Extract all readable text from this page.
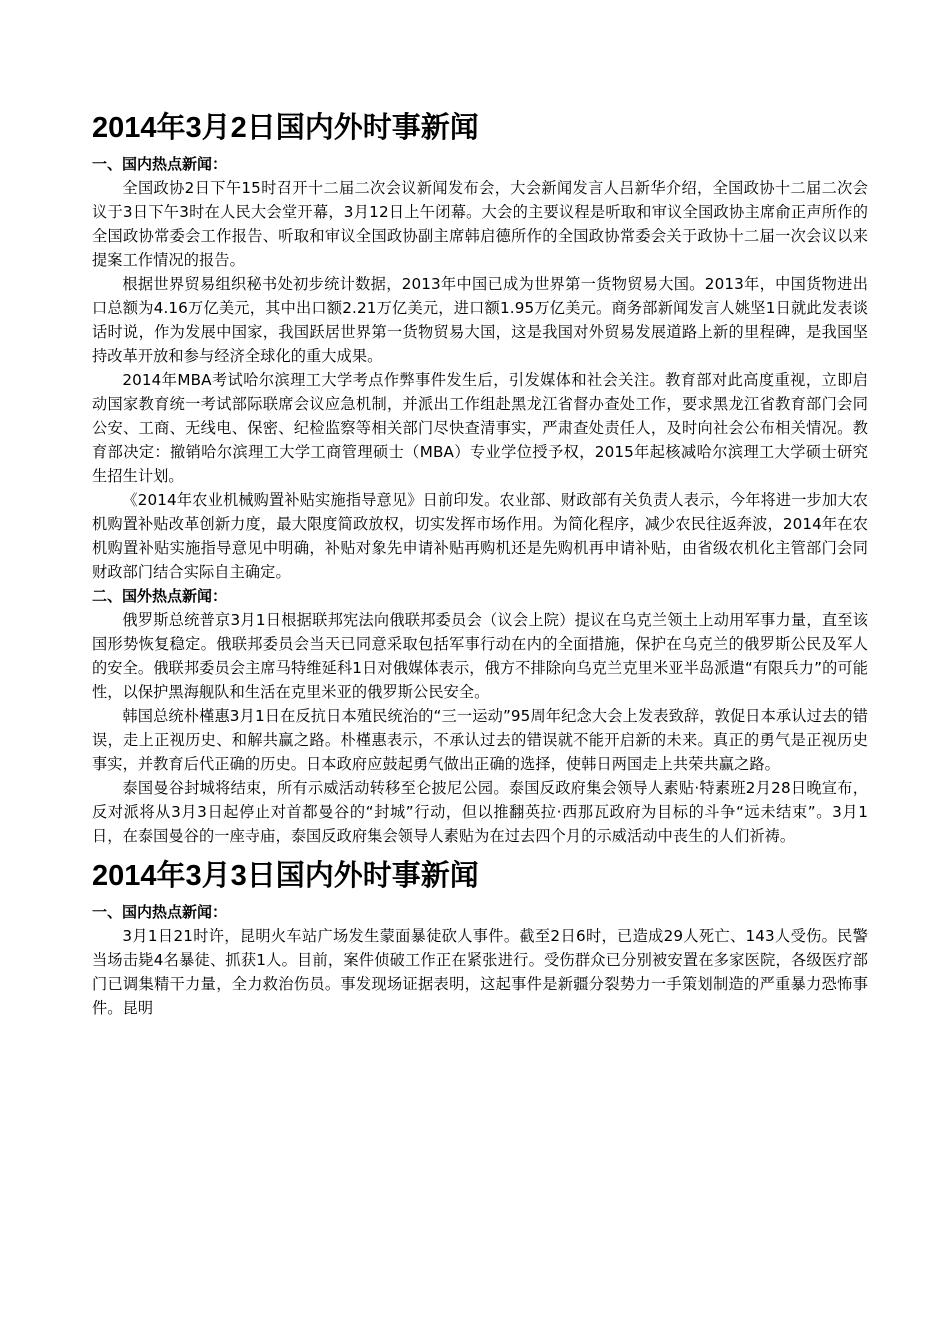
2014年3月2日国内外时事新闻
一、国内热点新闻：

全国政协2日下午15时召开十二届二次会议新闻发布会，大会新闻发言人吕新华介绍，全国政协十二届二次会议于3日下午3时在人民大会堂开幕，3月12日上午闭幕。大会的主要议程是听取和审议全国政协主席俞正声所作的全国政协常委会工作报告、听取和审议全国政协副主席韩启德所作的全国政协常委会关于政协十二届一次会议以来提案工作情况的报告。

根据世界贸易组织秘书处初步统计数据，2013年中国已成为世界第一货物贸易大国。2013年，中国货物进出口总额为4.16万亿美元，其中出口额2.21万亿美元，进口额1.95万亿美元。商务部新闻发言人姚坚1日就此发表谈话时说，作为发展中国家，我国跃居世界第一货物贸易大国，这是我国对外贸易发展道路上新的里程碑，是我国坚持改革开放和参与经济全球化的重大成果。

2014年MBA考试哈尔滨理工大学考点作弊事件发生后，引发媒体和社会关注。教育部对此高度重视，立即启动国家教育统一考试部际联席会议应急机制，并派出工作组赴黑龙江省督办查处工作，要求黑龙江省教育部门会同公安、工商、无线电、保密、纪检监察等相关部门尽快查清事实，严肃查处责任人，及时向社会公布相关情况。教育部决定：撤销哈尔滨理工大学工商管理硕士（MBA）专业学位授予权，2015年起核减哈尔滨理工大学硕士研究生招生计划。

《2014年农业机械购置补贴实施指导意见》日前印发。农业部、财政部有关负责人表示，今年将进一步加大农机购置补贴改革创新力度，最大限度简政放权，切实发挥市场作用。为简化程序，减少农民往返奔波，2014年在农机购置补贴实施指导意见中明确，补贴对象先申请补贴再购机还是先购机再申请补贴，由省级农机化主管部门会同财政部门结合实际自主确定。

二、国外热点新闻：

俄罗斯总统普京3月1日根据联邦宪法向俄联邦委员会（议会上院）提议在乌克兰领土上动用军事力量，直至该国形势恢复稳定。俄联邦委员会当天已同意采取包括军事行动在内的全面措施，保护在乌克兰的俄罗斯公民及军人的安全。俄联邦委员会主席马特维延科1日对俄媒体表示，俄方不排除向乌克兰克里米亚半岛派遣“有限兵力”的可能性，以保护黑海舰队和生活在克里米亚的俄罗斯公民安全。

韩国总统朴槿惠3月1日在反抗日本殖民统治的“三一运动”95周年纪念大会上发表致辞，敦促日本承认过去的错误，走上正视历史、和解共赢之路。朴槿惠表示，不承认过去的错误就不能开启新的未来。真正的勇气是正视历史事实，并教育后代正确的历史。日本政府应鼓起勇气做出正确的选择，使韩日两国走上共荣共赢之路。

泰国曼谷封城将结束，所有示威活动转移至仑披尼公园。泰国反政府集会领导人素贴·特素班2月28日晚宣布，反对派将从3月3日起停止对首都曼谷的“封城”行动，但以推翻英拉·西那瓦政府为目标的斗争“远未结束”。3月1日，在泰国曼谷的一座寺庙，泰国反政府集会领导人素贴为在过去四个月的示威活动中丧生的人们祈祷。

2014年3月3日国内外时事新闻
一、国内热点新闻：

3月1日21时许，昆明火车站广场发生蒙面暴徒砍人事件。截至2日6时，已造成29人死亡、143人受伤。民警当场击毙4名暴徒、抓获1人。目前，案件侦破工作正在紧张进行。受伤群众已分别被安置在多家医院，各级医疗部门已调集精干力量，全力救治伤员。事发现场证据表明，这起事件是新疆分裂势力一手策划制造的严重暴力恐怖事件。昆明
